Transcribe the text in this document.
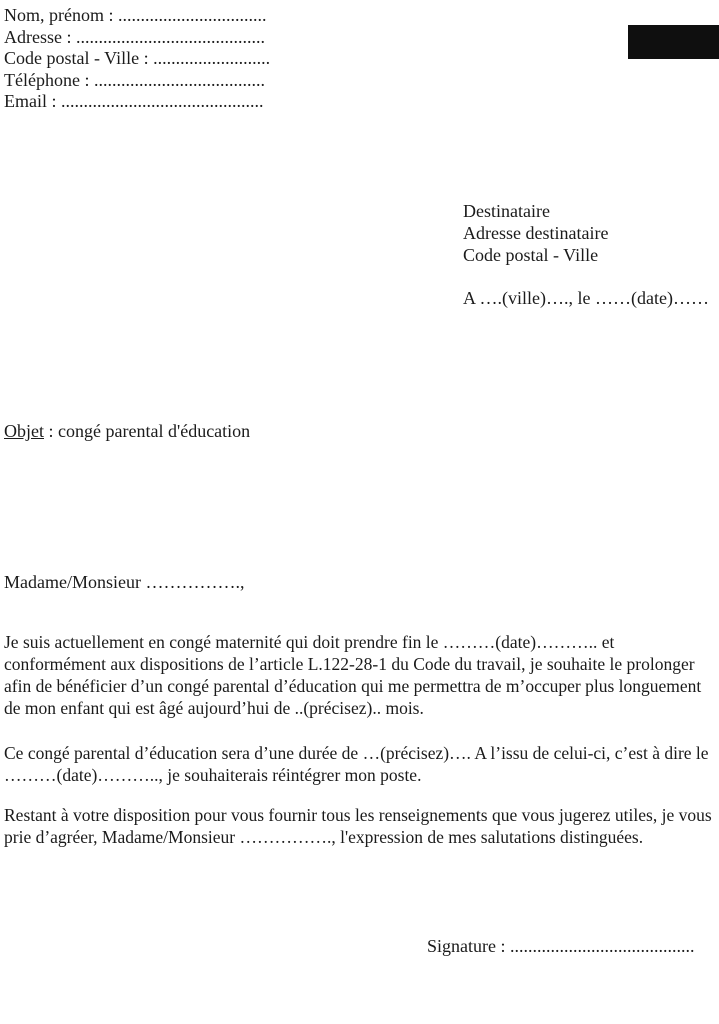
Nom, prénom : .................................
Adresse : ..........................................
Code postal - Ville : ..........................
Téléphone : ......................................
Email : .............................................
Destinataire
Adresse destinataire
Code postal - Ville
A ….(ville)…., le ……(date)……
Objet : congé parental d'éducation
Madame/Monsieur …………….,
Je suis actuellement en congé maternité qui doit prendre fin le ………(date)……….. et conformément aux dispositions de l’article L.122-28-1 du Code du travail, je souhaite le prolonger afin de bénéficier d’un congé parental d’éducation qui me permettra de m’occuper plus longuement de mon enfant qui est âgé aujourd’hui de ..(précisez).. mois.
Ce congé parental d’éducation sera d’une durée de …(précisez)…. A l’issu de celui-ci, c’est à dire le ………(date)……….., je souhaiterais réintégrer mon poste.
Restant à votre disposition pour vous fournir tous les renseignements que vous jugerez utiles, je vous prie d’agréer, Madame/Monsieur ……………., l'expression de mes salutations distinguées.
Signature : .........................................
